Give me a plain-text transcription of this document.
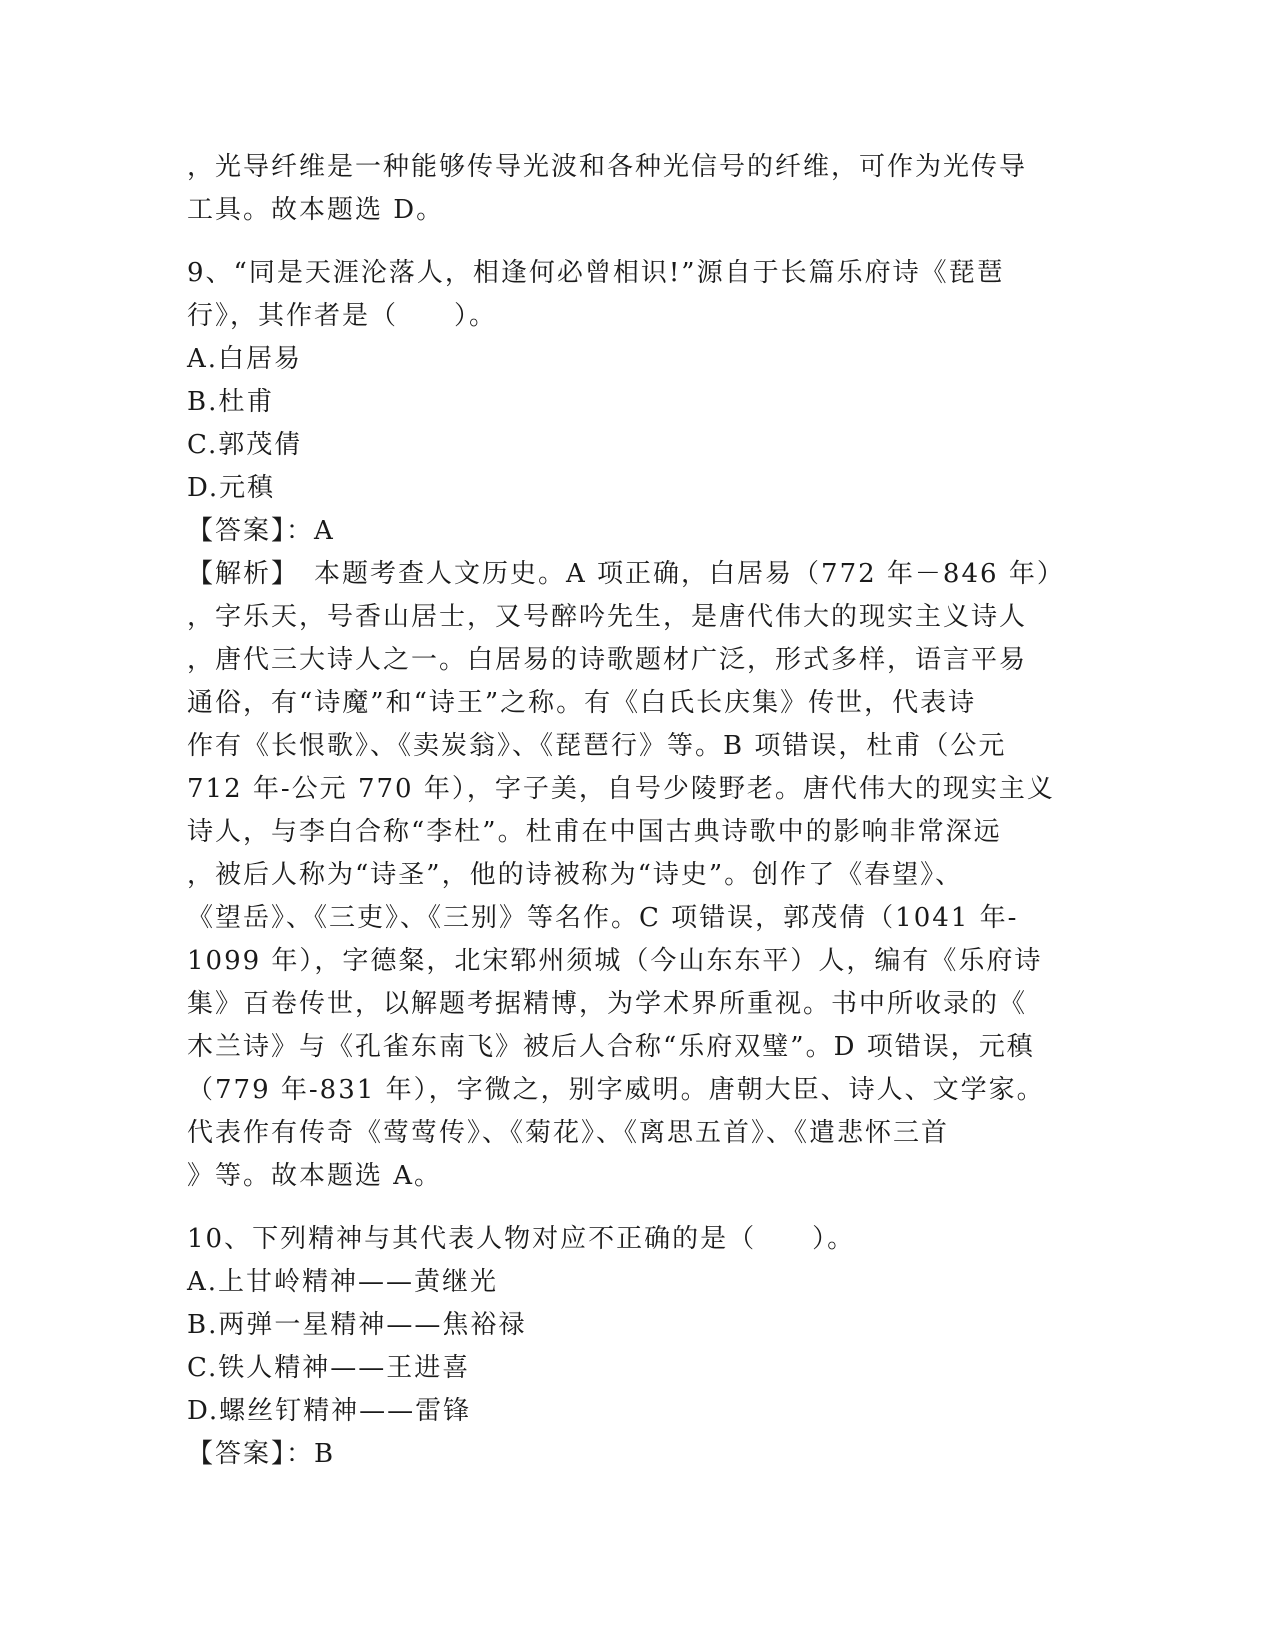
，光导纤维是一种能够传导光波和各种光信号的纤维，可作为光传导
工具。故本题选 D。
9、“同是天涯沦落人，相逢何必曾相识!”源自于长篇乐府诗《琵琶
行》，其作者是（　　）。
A.白居易
B.杜甫
C.郭茂倩
D.元稹
【答案】：A
【解析】　本题考查人文历史。A 项正确，白居易（772 年－846 年）
，字乐天，号香山居士，又号醉吟先生，是唐代伟大的现实主义诗人
，唐代三大诗人之一。白居易的诗歌题材广泛，形式多样，语言平易
通俗，有“诗魔”和“诗王”之称。有《白氏长庆集》传世，代表诗
作有《长恨歌》、《卖炭翁》、《琵琶行》等。B 项错误，杜甫（公元
712 年-公元 770 年），字子美，自号少陵野老。唐代伟大的现实主义
诗人，与李白合称“李杜”。杜甫在中国古典诗歌中的影响非常深远
，被后人称为“诗圣”，他的诗被称为“诗史”。创作了《春望》、
《望岳》、《三吏》、《三别》等名作。C 项错误，郭茂倩（1041 年-
1099 年），字德粲，北宋郓州须城（今山东东平）人，编有《乐府诗
集》百卷传世，以解题考据精博，为学术界所重视。书中所收录的《
木兰诗》与《孔雀东南飞》被后人合称“乐府双璧”。D 项错误，元稹
（779 年-831 年），字微之，别字威明。唐朝大臣、诗人、文学家。
代表作有传奇《莺莺传》、《菊花》、《离思五首》、《遣悲怀三首
》等。故本题选 A。
10、下列精神与其代表人物对应不正确的是（　　）。
A.上甘岭精神——黄继光
B.两弹一星精神——焦裕禄
C.铁人精神——王进喜
D.螺丝钉精神——雷锋
【答案】：B
